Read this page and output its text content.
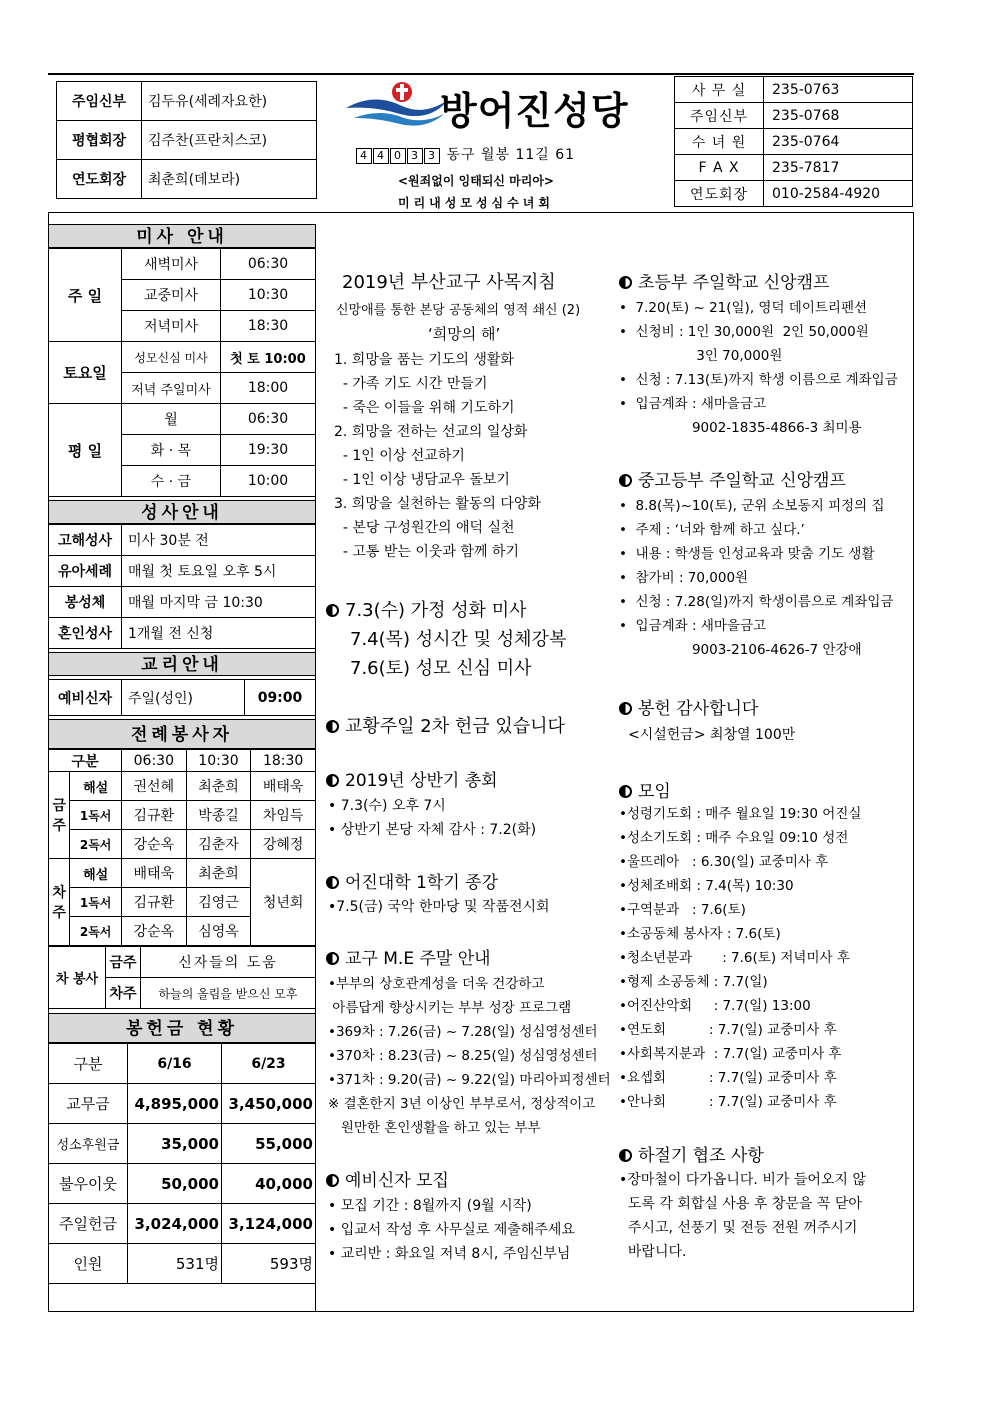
주임신부	김두유(세례자요한)
평협회장	김주찬(프란치스코)
연도회장	최춘희(데보라)
방어진성당
4 4 0 3 3 동구 월봉 11길 61
<원죄없이 잉태되신 마리아>
미리내성모성심수녀회
사 무 실	235-0763
주임신부	235-0768
수 녀 원	235-0764
F A X	235-7817
연도회장	010-2584-4920
미사 안내
주 일	새벽미사	06:30
	교중미사	10:30
	저녁미사	18:30
토요일	성모신심 미사	첫 토 10:00
	저녁 주일미사	18:00
평 일	월	06:30
	화 · 목	19:30
	수 · 금	10:00
성사안내
고해성사	미사 30분 전
유아세례	매월 첫 토요일 오후 5시
봉성체	매월 마지막 금 10:30
혼인성사	1개월 전 신청
교리안내
예비신자	주일(성인)	09:00
전례봉사자
구분		06:30	10:30	18:30
금주	해설	권선혜	최춘희	배태욱
	1독서	김규환	박종길	차임득
	2독서	강순옥	김춘자	강혜정
차주	해설	배태욱	최춘희	청년회
	1독서	김규환	김영근	
	2독서	강순옥	심영옥	
차 봉사	금주	신자들의 도움
	차주	하늘의 올림을 받으신 모후
봉헌금 현황
구분	6/16	6/23
교무금	4,895,000	3,450,000
성소후원금	35,000	55,000
불우이웃	50,000	40,000
주일헌금	3,024,000	3,124,000
인원	531명	593명
2019년 부산교구 사목지침
신망애를 통한 본당 공동체의 영적 쇄신 (2)
‘희망의 해’
1. 희망을 품는 기도의 생활화
- 가족 기도 시간 만들기
- 죽은 이들을 위해 기도하기
2. 희망을 전하는 선교의 일상화
- 1인 이상 선교하기
- 1인 이상 냉담교우 돌보기
3. 희망을 실천하는 활동의 다양화
- 본당 구성원간의 애덕 실천
- 고통 받는 이웃과 함께 하기
7.3(수) 가정 성화 미사
7.4(목) 성시간 및 성체강복
7.6(토) 성모 신심 미사
교황주일 2차 헌금 있습니다
2019년 상반기 총회
• 7.3(수) 오후 7시
• 상반기 본당 자체 감사 : 7.2(화)
어진대학 1학기 종강
•7.5(금) 국악 한마당 및 작품전시회
교구 M.E 주말 안내
•부부의 상호관계성을 더욱 건강하고
아름답게 향상시키는 부부 성장 프로그램
•369차 : 7.26(금) ~ 7.28(일) 성심영성센터
•370차 : 8.23(금) ~ 8.25(일) 성심영성센터
•371차 : 9.20(금) ~ 9.22(일) 마리아피정센터
※ 결혼한지 3년 이상인 부부로서, 정상적이고
원만한 혼인생활을 하고 있는 부부
예비신자 모집
• 모집 기간 : 8월까지 (9월 시작)
• 입교서 작성 후 사무실로 제출해주세요
• 교리반 : 화요일 저녁 8시, 주임신부님
초등부 주일학교 신앙캠프
•  7.20(토) ~ 21(일), 영덕 데이트리펜션
•  신청비 : 1인 30,000원  2인 50,000원
3인 70,000원
•  신청 : 7.13(토)까지 학생 이름으로 계좌입금
•  입금계좌 : 새마을금고
9002-1835-4866-3 최미용
중고등부 주일학교 신앙캠프
•  8.8(목)~10(토), 군위 소보동지 피정의 집
•  주제 : ‘너와 함께 하고 싶다.’
•  내용 : 학생들 인성교육과 맞춤 기도 생활
•  참가비 : 70,000원
•  신청 : 7.28(일)까지 학생이름으로 계좌입금
•  입금계좌 : 새마을금고
9003-2106-4626-7 안강애
봉헌 감사합니다
<시설헌금> 최창열 100만
모임
•성령기도회 : 매주 월요일 19:30 어진실
•성소기도회 : 매주 수요일 09:10 성전
•울뜨레아   : 6.30(일) 교중미사 후
•성체조배회 : 7.4(목) 10:30
•구역분과   : 7.6(토)
•소공동체 봉사자 : 7.6(토)
•청소년분과       : 7.6(토) 저녁미사 후
•형제 소공동체 : 7.7(일)
•어진산악회     : 7.7(일) 13:00
•연도회          : 7.7(일) 교중미사 후
•사회복지분과  : 7.7(일) 교중미사 후
•요셉회          : 7.7(일) 교중미사 후
•안나회          : 7.7(일) 교중미사 후
하절기 협조 사항
•장마철이 다가옵니다. 비가 들어오지 않
도록 각 회합실 사용 후 창문을 꼭 닫아
주시고, 선풍기 및 전등 전원 꺼주시기
바랍니다.
